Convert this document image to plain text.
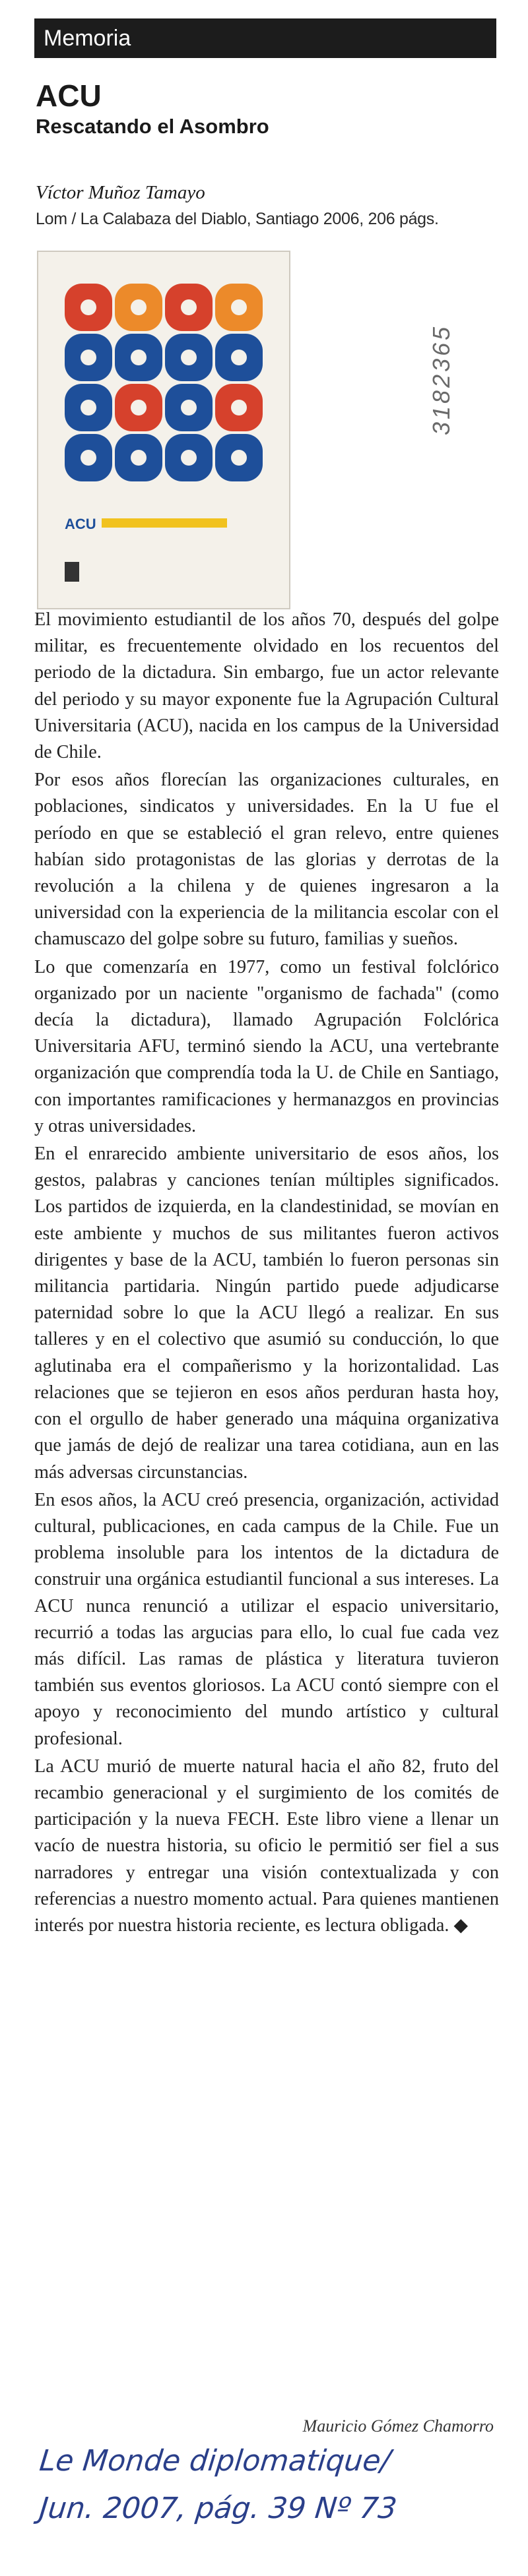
Memoria
ACU
Rescatando el Asombro
Víctor Muñoz Tamayo
Lom / La Calabaza del Diablo, Santiago 2006, 206 págs.
ACU
3182365

El movimiento estudiantil de los años 70, después del golpe militar, es frecuentemente olvidado en los recuentos del periodo de la dictadura. Sin embargo, fue un actor relevante del periodo y su mayor exponente fue la Agrupación Cultural Universitaria (ACU), nacida en los campus de la Universidad de Chile.

Por esos años florecían las organizaciones culturales, en poblaciones, sindicatos y universidades. En la U fue el período en que se estableció el gran relevo, entre quienes habían sido protagonistas de las glorias y derrotas de la revolución a la chilena y de quienes ingresaron a la universidad con la experiencia de la militancia escolar con el chamuscazo del golpe sobre su futuro, familias y sueños.

Lo que comenzaría en 1977, como un festival folclórico organizado por un naciente "organismo de fachada" (como decía la dictadura), llamado Agrupación Folclórica Universitaria AFU, terminó siendo la ACU, una vertebrante organización que comprendía toda la U. de Chile en Santiago, con importantes ramificaciones y hermanazgos en provincias y otras universidades.

En el enrarecido ambiente universitario de esos años, los gestos, palabras y canciones tenían múltiples significados. Los partidos de izquierda, en la clandestinidad, se movían en este ambiente y muchos de sus militantes fueron activos dirigentes y base de la ACU, también lo fueron personas sin militancia partidaria. Ningún partido puede adjudicarse paternidad sobre lo que la ACU llegó a realizar. En sus talleres y en el colectivo que asumió su conducción, lo que aglutinaba era el compañerismo y la horizontalidad. Las relaciones que se tejieron en esos años perduran hasta hoy, con el orgullo de haber generado una máquina organizativa que jamás de dejó de realizar una tarea cotidiana, aun en las más adversas circunstancias.

En esos años, la ACU creó presencia, organización, actividad cultural, publicaciones, en cada campus de la Chile. Fue un problema insoluble para los intentos de la dictadura de construir una orgánica estudiantil funcional a sus intereses. La ACU nunca renunció a utilizar el espacio universitario, recurrió a todas las argucias para ello, lo cual fue cada vez más difícil. Las ramas de plástica y literatura tuvieron también sus eventos gloriosos. La ACU contó siempre con el apoyo y reconocimiento del mundo artístico y cultural profesional.

La ACU murió de muerte natural hacia el año 82, fruto del recambio generacional y el surgimiento de los comités de participación y la nueva FECH. Este libro viene a llenar un vacío de nuestra historia, su oficio le permitió ser fiel a sus narradores y entregar una visión contextualizada y con referencias a nuestro momento actual. Para quienes mantienen interés por nuestra historia reciente, es lectura obligada. ◆

Mauricio Gómez Chamorro
Le Monde diplomatique/
Jun. 2007, pág. 39 Nº 73
